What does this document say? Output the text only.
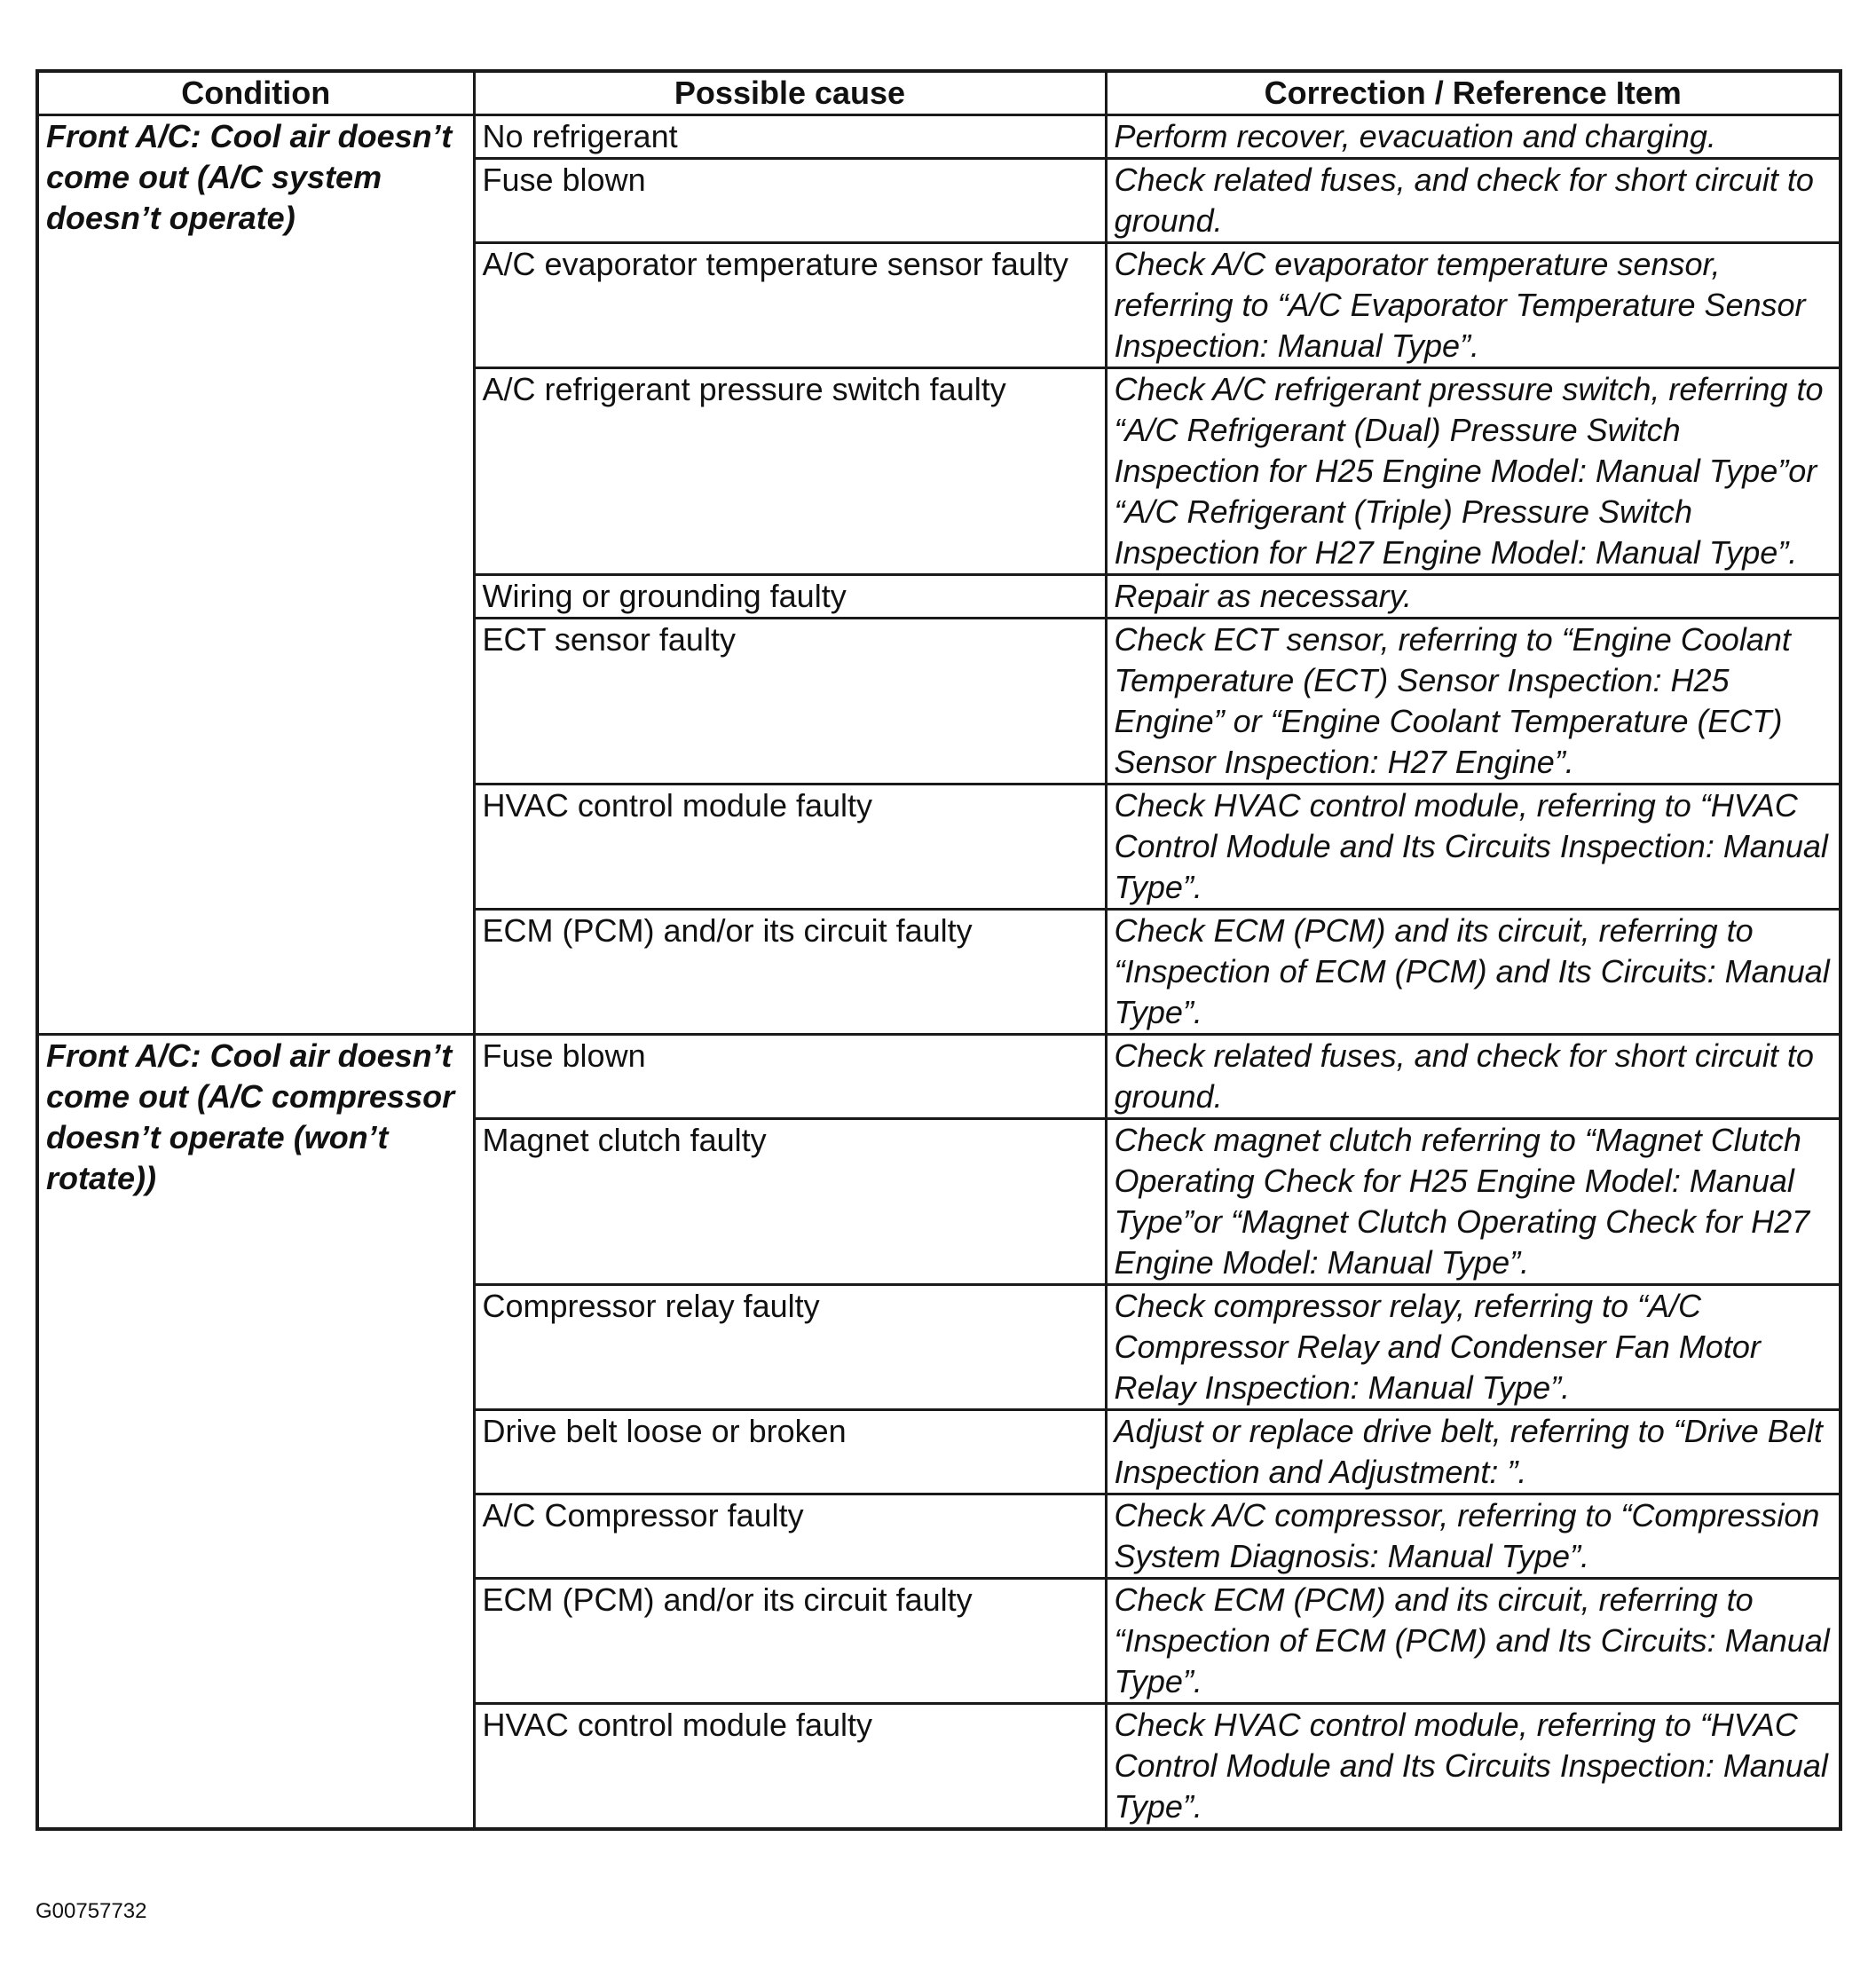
Condition	Possible cause	Correction / Reference Item
Front A/C: Cool air doesn’t come out (A/C system doesn’t operate)	No refrigerant	Perform recover, evacuation and charging.
	Fuse blown	Check related fuses, and check for short circuit to ground.
	A/C evaporator temperature sensor faulty	Check A/C evaporator temperature sensor, referring to “A/C Evaporator Temperature Sensor Inspection: Manual Type”.
	A/C refrigerant pressure switch faulty	Check A/C refrigerant pressure switch, referring to “A/C Refrigerant (Dual) Pressure Switch Inspection for H25 Engine Model: Manual Type”or “A/C Refrigerant (Triple) Pressure Switch Inspection for H27 Engine Model: Manual Type”.
	Wiring or grounding faulty	Repair as necessary.
	ECT sensor faulty	Check ECT sensor, referring to “Engine Coolant Temperature (ECT) Sensor Inspection: H25 Engine” or “Engine Coolant Temperature (ECT) Sensor Inspection: H27 Engine”.
	HVAC control module faulty	Check HVAC control module, referring to “HVAC Control Module and Its Circuits Inspection: Manual Type”.
	ECM (PCM) and/or its circuit faulty	Check ECM (PCM) and its circuit, referring to “Inspection of ECM (PCM) and Its Circuits: Manual Type”.
Front A/C: Cool air doesn’t come out (A/C compressor doesn’t operate (won’t rotate))	Fuse blown	Check related fuses, and check for short circuit to ground.
	Magnet clutch faulty	Check magnet clutch referring to “Magnet Clutch Operating Check for H25 Engine Model: Manual Type”or “Magnet Clutch Operating Check for H27 Engine Model: Manual Type”.
	Compressor relay faulty	Check compressor relay, referring to “A/C Compressor Relay and Condenser Fan Motor Relay Inspection: Manual Type”.
	Drive belt loose or broken	Adjust or replace drive belt, referring to “Drive Belt Inspection and Adjustment: ”.
	A/C Compressor faulty	Check A/C compressor, referring to “Compression System Diagnosis: Manual Type”.
	ECM (PCM) and/or its circuit faulty	Check ECM (PCM) and its circuit, referring to “Inspection of ECM (PCM) and Its Circuits: Manual Type”.
	HVAC control module faulty	Check HVAC control module, referring to “HVAC Control Module and Its Circuits Inspection: Manual Type”.
G00757732
